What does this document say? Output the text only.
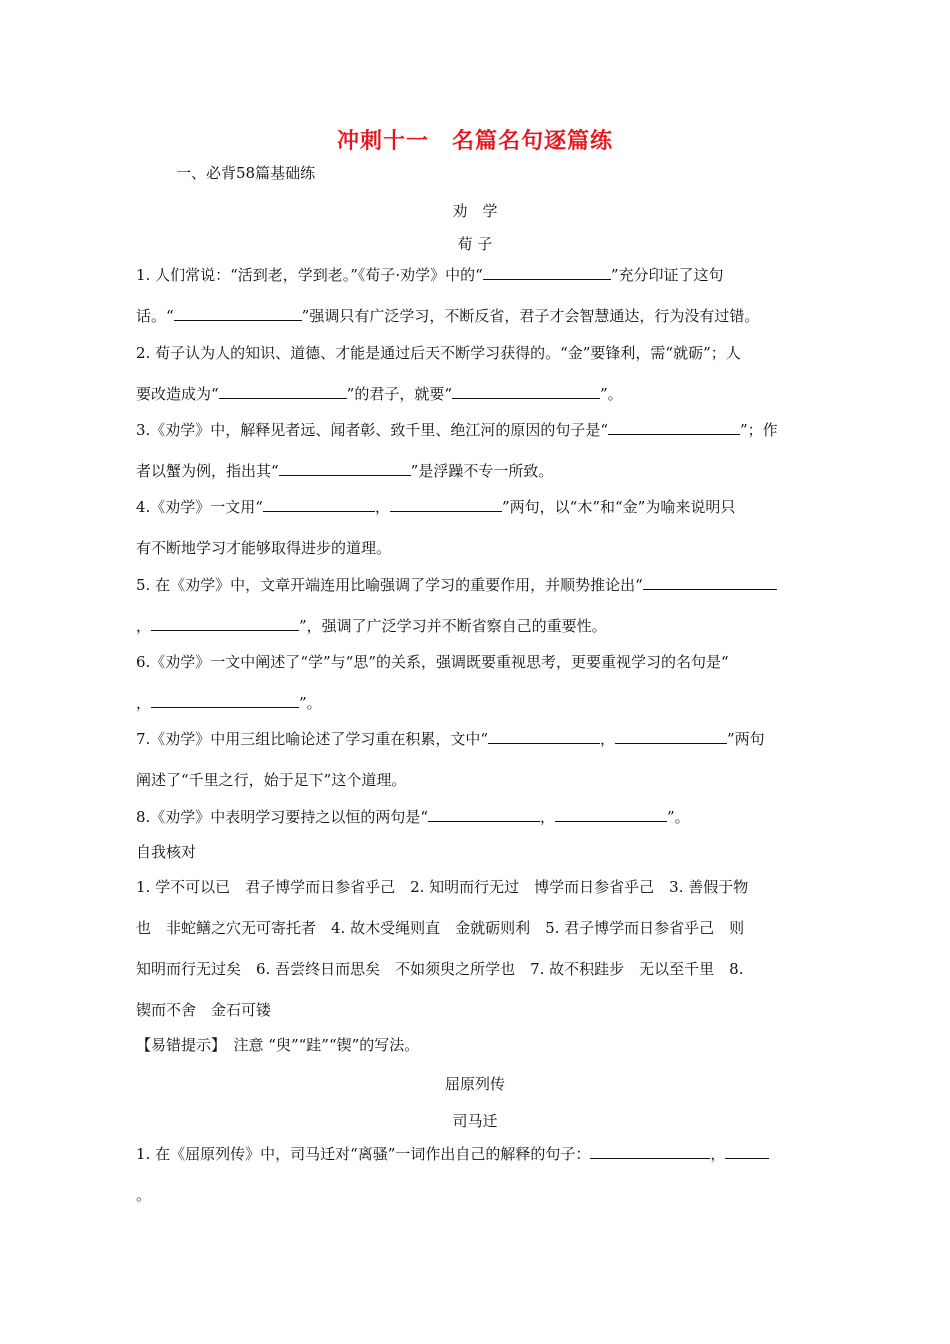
冲刺十一　名篇名句逐篇练
一、必背58篇基础练
劝　学
荀 子
1. 人们常说：“活到老，学到老。”《荀子·劝学》中的“	”充分印证了这句
话。“	”强调只有广泛学习，不断反省，君子才会智慧通达，行为没有过错。
2. 荀子认为人的知识、道德、才能是通过后天不断学习获得的。“金”要锋利，需“就砺”；人
要改造成为“	”的君子，就要“	”。
3.《劝学》中，解释见者远、闻者彰、致千里、绝江河的原因的句子是“	”；作
者以蟹为例，指出其“	”是浮躁不专一所致。
4.《劝学》一文用“	，	”两句，以“木”和“金”为喻来说明只
有不断地学习才能够取得进步的道理。
5. 在《劝学》中，文章开端连用比喻强调了学习的重要作用，并顺势推论出“
，	”，强调了广泛学习并不断省察自己的重要性。
6.《劝学》一文中阐述了“学”与“思”的关系，强调既要重视思考，更要重视学习的名句是“
，	”。
7.《劝学》中用三组比喻论述了学习重在积累，文中“	，	”两句
阐述了“千里之行，始于足下”这个道理。
8.《劝学》中表明学习要持之以恒的两句是“	，	”。
自我核对
1. 学不可以已　君子博学而日参省乎己　2. 知明而行无过　博学而日参省乎己　3. 善假于物
也　非蛇鳝之穴无可寄托者　4. 故木受绳则直　金就砺则利　5. 君子博学而日参省乎己　则
知明而行无过矣　6. 吾尝终日而思矣　不如须臾之所学也　7. 故不积跬步　无以至千里　8.
锲而不舍　金石可镂
【易错提示】　注意 “臾”“跬”“锲”的写法。
屈原列传
司马迁
1. 在《屈原列传》中，司马迁对“离骚”一词作出自己的解释的句子：	，
。
